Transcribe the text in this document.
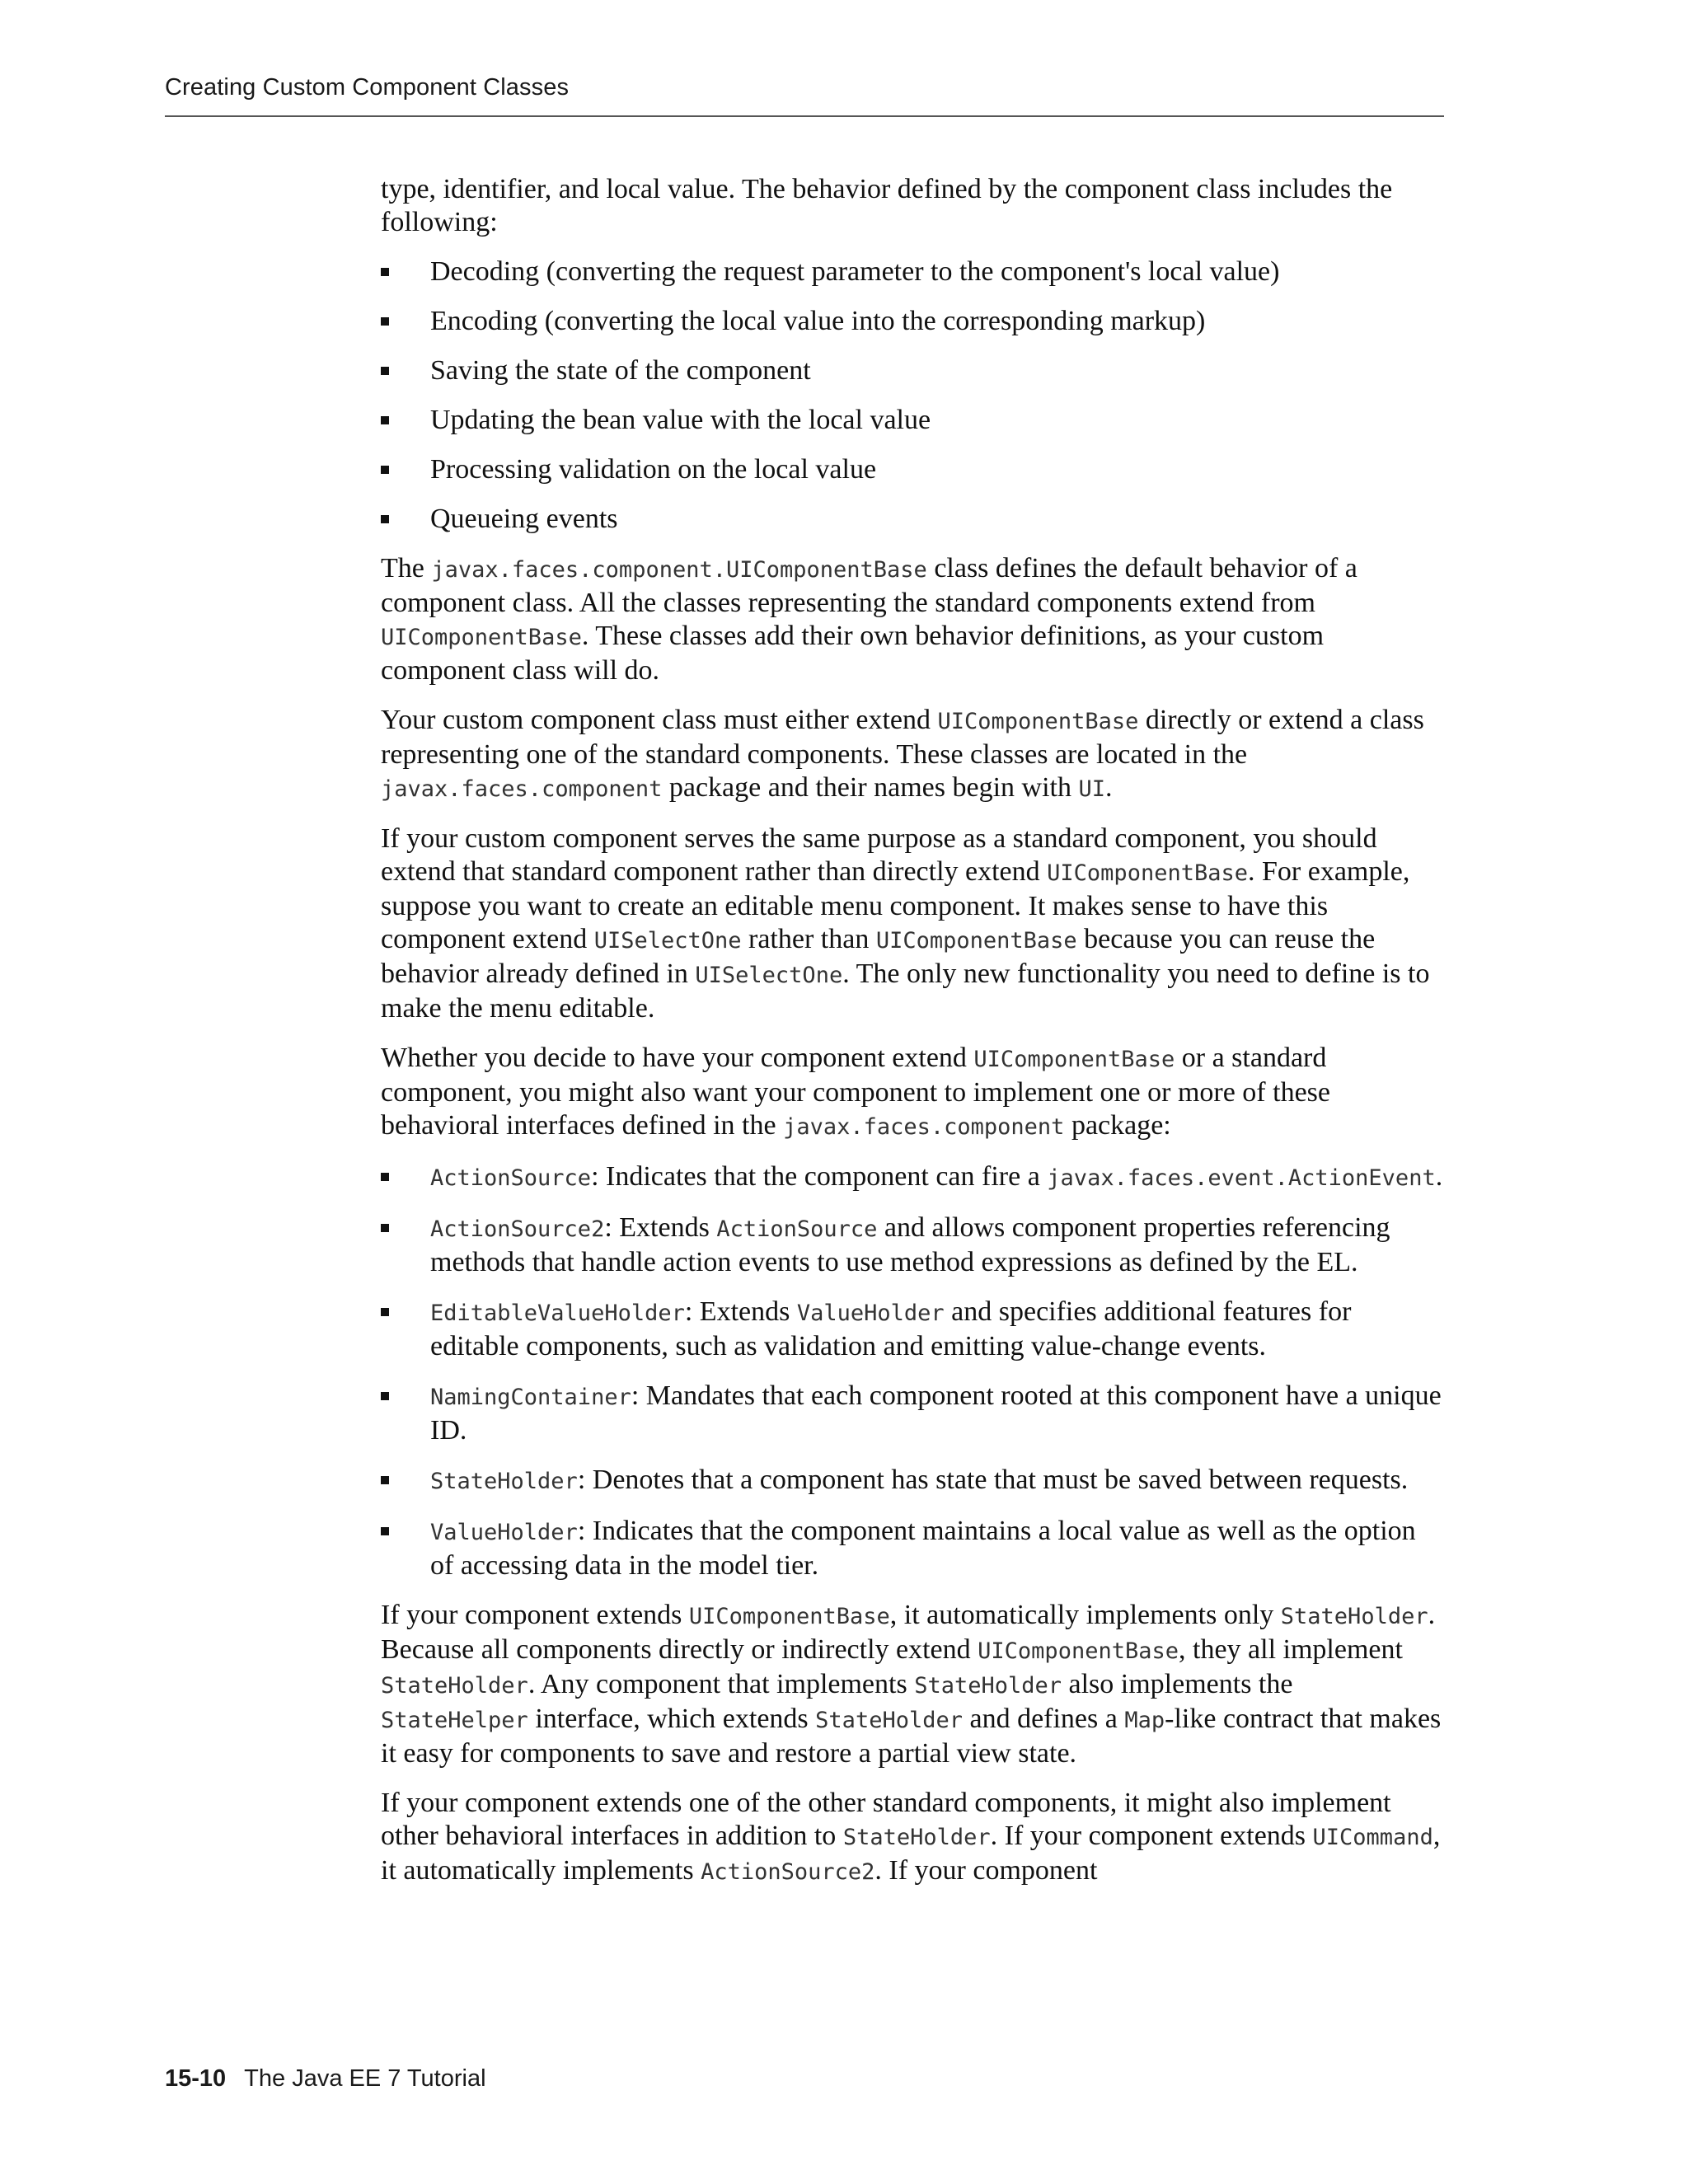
Creating Custom Component Classes

type, identifier, and local value. The behavior defined by the component class includes the following:

Decoding (converting the request parameter to the component's local value)
Encoding (converting the local value into the corresponding markup)
Saving the state of the component
Updating the bean value with the local value
Processing validation on the local value
Queueing events

The javax.faces.component.UIComponentBase class defines the default behavior of a component class. All the classes representing the standard components extend from UIComponentBase. These classes add their own behavior definitions, as your custom component class will do.

Your custom component class must either extend UIComponentBase directly or extend a class representing one of the standard components. These classes are located in the javax.faces.component package and their names begin with UI.

If your custom component serves the same purpose as a standard component, you should extend that standard component rather than directly extend UIComponentBase. For example, suppose you want to create an editable menu component. It makes sense to have this component extend UISelectOne rather than UIComponentBase because you can reuse the behavior already defined in UISelectOne. The only new functionality you need to define is to make the menu editable.

Whether you decide to have your component extend UIComponentBase or a standard component, you might also want your component to implement one or more of these behavioral interfaces defined in the javax.faces.component package:

ActionSource: Indicates that the component can fire a javax.faces.event.ActionEvent.
ActionSource2: Extends ActionSource and allows component properties referencing methods that handle action events to use method expressions as defined by the EL.
EditableValueHolder: Extends ValueHolder and specifies additional features for editable components, such as validation and emitting value-change events.
NamingContainer: Mandates that each component rooted at this component have a unique ID.
StateHolder: Denotes that a component has state that must be saved between requests.
ValueHolder: Indicates that the component maintains a local value as well as the option of accessing data in the model tier.

If your component extends UIComponentBase, it automatically implements only StateHolder. Because all components directly or indirectly extend UIComponentBase, they all implement StateHolder. Any component that implements StateHolder also implements the StateHelper interface, which extends StateHolder and defines a Map-like contract that makes it easy for components to save and restore a partial view state.

If your component extends one of the other standard components, it might also implement other behavioral interfaces in addition to StateHolder. If your component extends UICommand, it automatically implements ActionSource2. If your component

15-10 The Java EE 7 Tutorial
